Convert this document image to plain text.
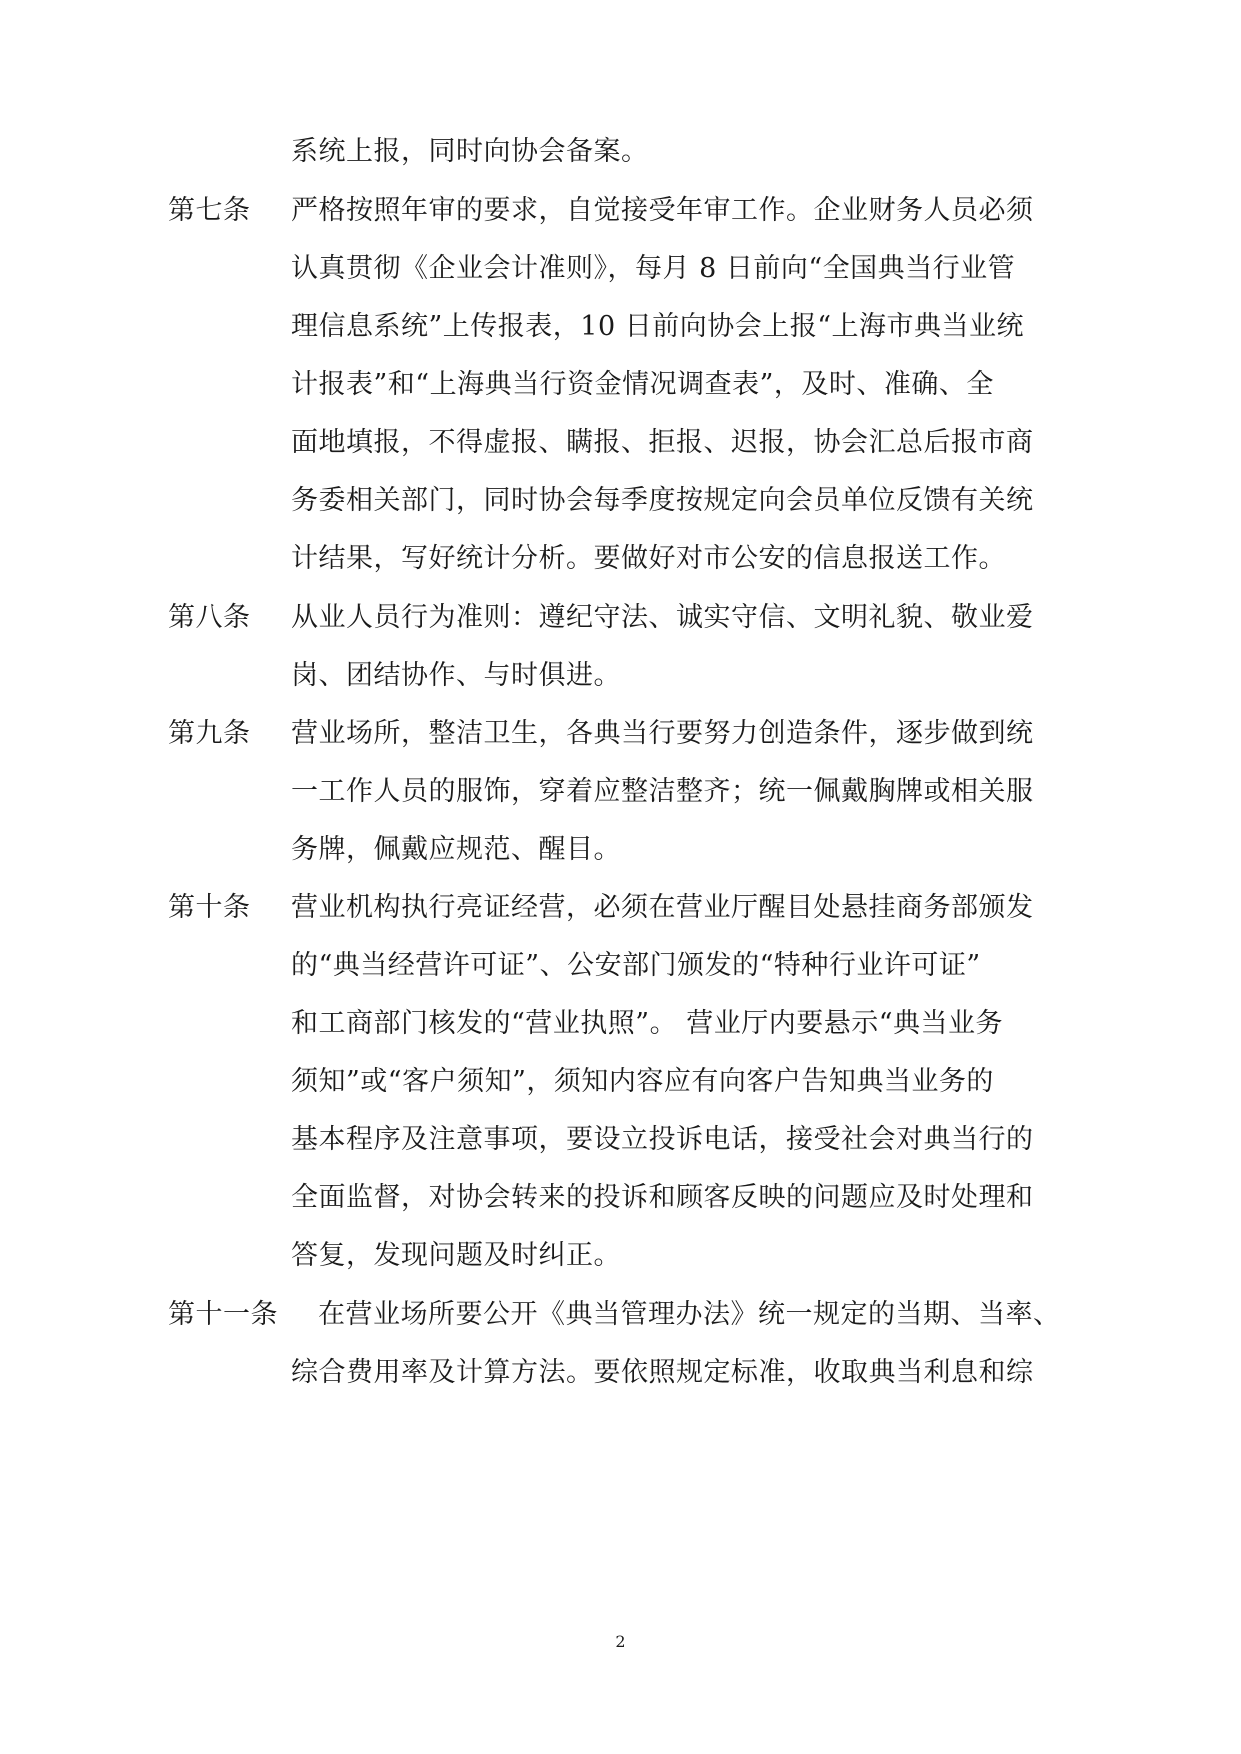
系统上报，同时向协会备案。
第七条 严格按照年审的要求，自觉接受年审工作。企业财务人员必须
认真贯彻《企业会计准则》，每月 8 日前向“全国典当行业管
理信息系统”上传报表，10 日前向协会上报“上海市典当业统
计报表”和“上海典当行资金情况调查表”，及时、准确、全
面地填报，不得虚报、瞒报、拒报、迟报，协会汇总后报市商
务委相关部门，同时协会每季度按规定向会员单位反馈有关统
计结果，写好统计分析。要做好对市公安的信息报送工作。
第八条 从业人员行为准则：遵纪守法、诚实守信、文明礼貌、敬业爱
岗、团结协作、与时俱进。
第九条 营业场所，整洁卫生，各典当行要努力创造条件，逐步做到统
一工作人员的服饰，穿着应整洁整齐；统一佩戴胸牌或相关服
务牌，佩戴应规范、醒目。
第十条 营业机构执行亮证经营，必须在营业厅醒目处悬挂商务部颁发
的“典当经营许可证”、公安部门颁发的“特种行业许可证”
和工商部门核发的“营业执照”。 营业厅内要悬示“典当业务
须知”或“客户须知”，须知内容应有向客户告知典当业务的
基本程序及注意事项，要设立投诉电话，接受社会对典当行的
全面监督，对协会转来的投诉和顾客反映的问题应及时处理和
答复，发现问题及时纠正。
第十一条 在营业场所要公开《典当管理办法》统一规定的当期、当率、
综合费用率及计算方法。要依照规定标准，收取典当利息和综
2
